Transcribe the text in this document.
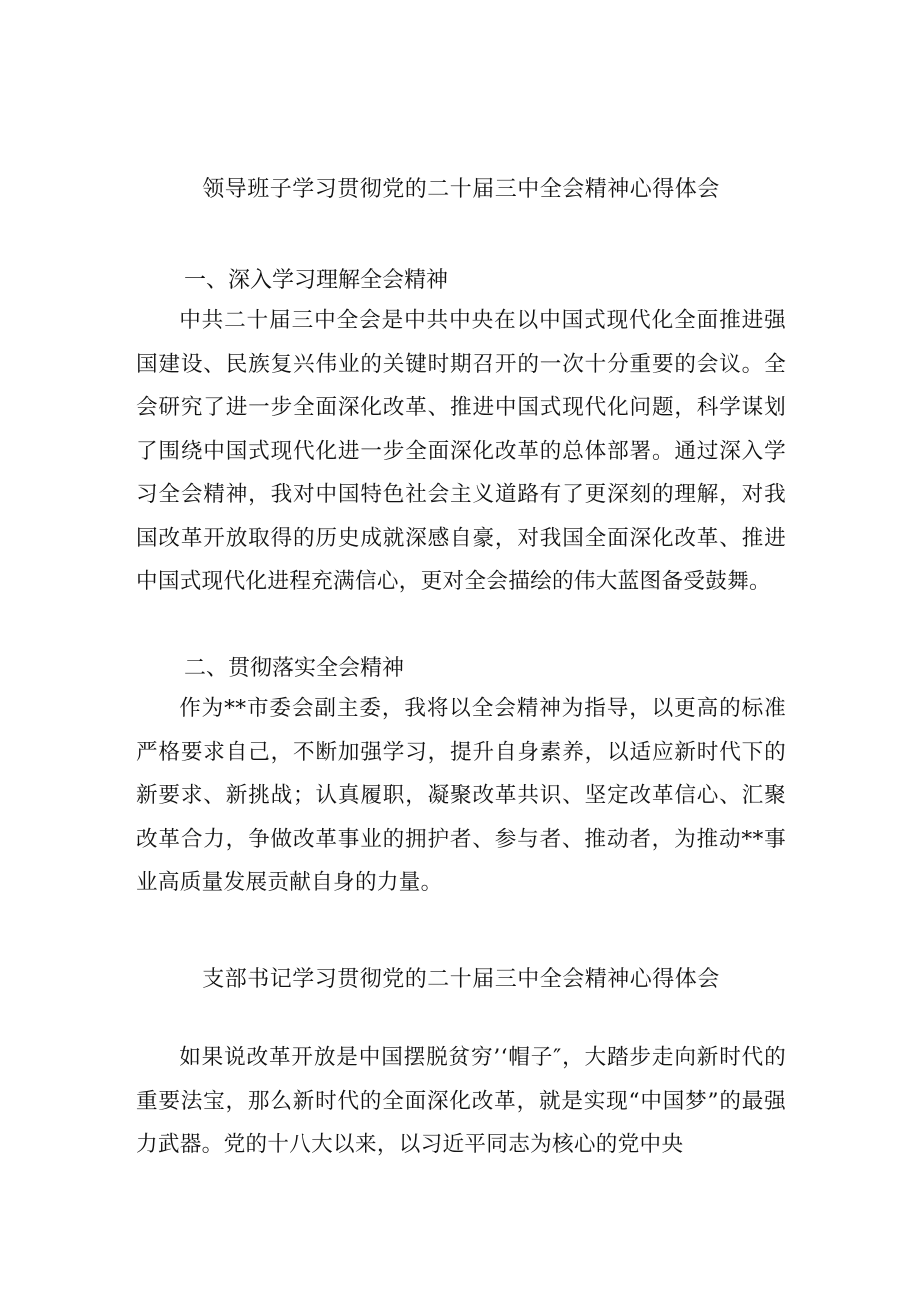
领导班子学习贯彻党的二十届三中全会精神心得体会
一、深入学习理解全会精神

中共二十届三中全会是中共中央在以中国式现代化全面推进强国建设、民族复兴伟业的关键时期召开的一次十分重要的会议。全会研究了进一步全面深化改革、推进中国式现代化问题，科学谋划了围绕中国式现代化进一步全面深化改革的总体部署。通过深入学习全会精神，我对中国特色社会主义道路有了更深刻的理解，对我国改革开放取得的历史成就深感自豪，对我国全面深化改革、推进中国式现代化进程充满信心，更对全会描绘的伟大蓝图备受鼓舞。

二、贯彻落实全会精神

作为**市委会副主委，我将以全会精神为指导，以更高的标准严格要求自己，不断加强学习，提升自身素养，以适应新时代下的新要求、新挑战；认真履职，凝聚改革共识、坚定改革信心、汇聚改革合力，争做改革事业的拥护者、参与者、推动者，为推动**事业高质量发展贡献自身的力量。

支部书记学习贯彻党的二十届三中全会精神心得体会

如果说改革开放是中国摆脱贫穷’‘帽子″，大踏步走向新时代的重要法宝，那么新时代的全面深化改革，就是实现“中国梦”的最强力武器。党的十八大以来，以习近平同志为核心的党中央
